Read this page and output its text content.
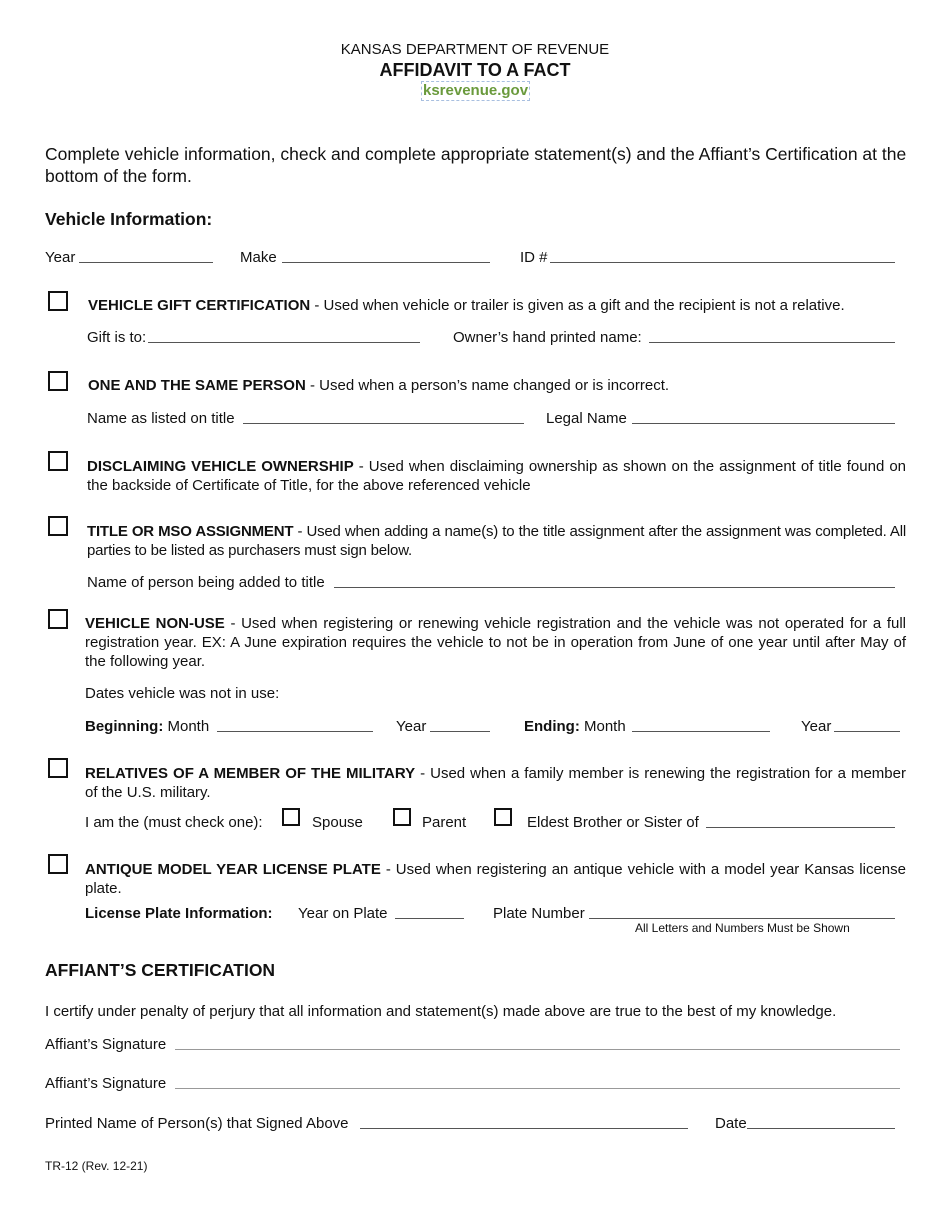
KANSAS DEPARTMENT OF REVENUE
AFFIDAVIT TO A FACT
ksrevenue.gov
Complete vehicle information, check and complete appropriate statement(s) and the Affiant’s Certification at the bottom of the form.
Vehicle Information:
Year	Make	ID #
VEHICLE GIFT CERTIFICATION - Used when vehicle or trailer is given as a gift and the recipient is not a relative.
Gift is to:	Owner’s hand printed name:
ONE AND THE SAME PERSON - Used when a person’s name changed or is incorrect.
Name as listed on title	Legal Name
DISCLAIMING VEHICLE OWNERSHIP - Used when disclaiming ownership as shown on the assignment of title found on the backside of Certificate of Title, for the above referenced vehicle
TITLE OR MSO ASSIGNMENT - Used when adding a name(s) to the title assignment after the assignment was completed. All parties to be listed as purchasers must sign below.
Name of person being added to title
VEHICLE NON-USE - Used when registering or renewing vehicle registration and the vehicle was not operated for a full registration year. EX: A June expiration requires the vehicle to not be in operation from June of one year until after May of the following year.
Dates vehicle was not in use:
Beginning: Month	Year	Ending: Month	Year
RELATIVES OF A MEMBER OF THE MILITARY - Used when a family member is renewing the registration for a member of the U.S. military.
I am the (must check one):	Spouse	Parent	Eldest Brother or Sister of
ANTIQUE MODEL YEAR LICENSE PLATE - Used when registering an antique vehicle with a model year Kansas license plate.
License Plate Information: Year on Plate	Plate Number
All Letters and Numbers Must be Shown
AFFIANT’S CERTIFICATION
I certify under penalty of perjury that all information and statement(s) made above are true to the best of my knowledge.
Affiant’s Signature
Affiant’s Signature
Printed Name of Person(s) that Signed Above	Date
TR-12 (Rev. 12-21)
